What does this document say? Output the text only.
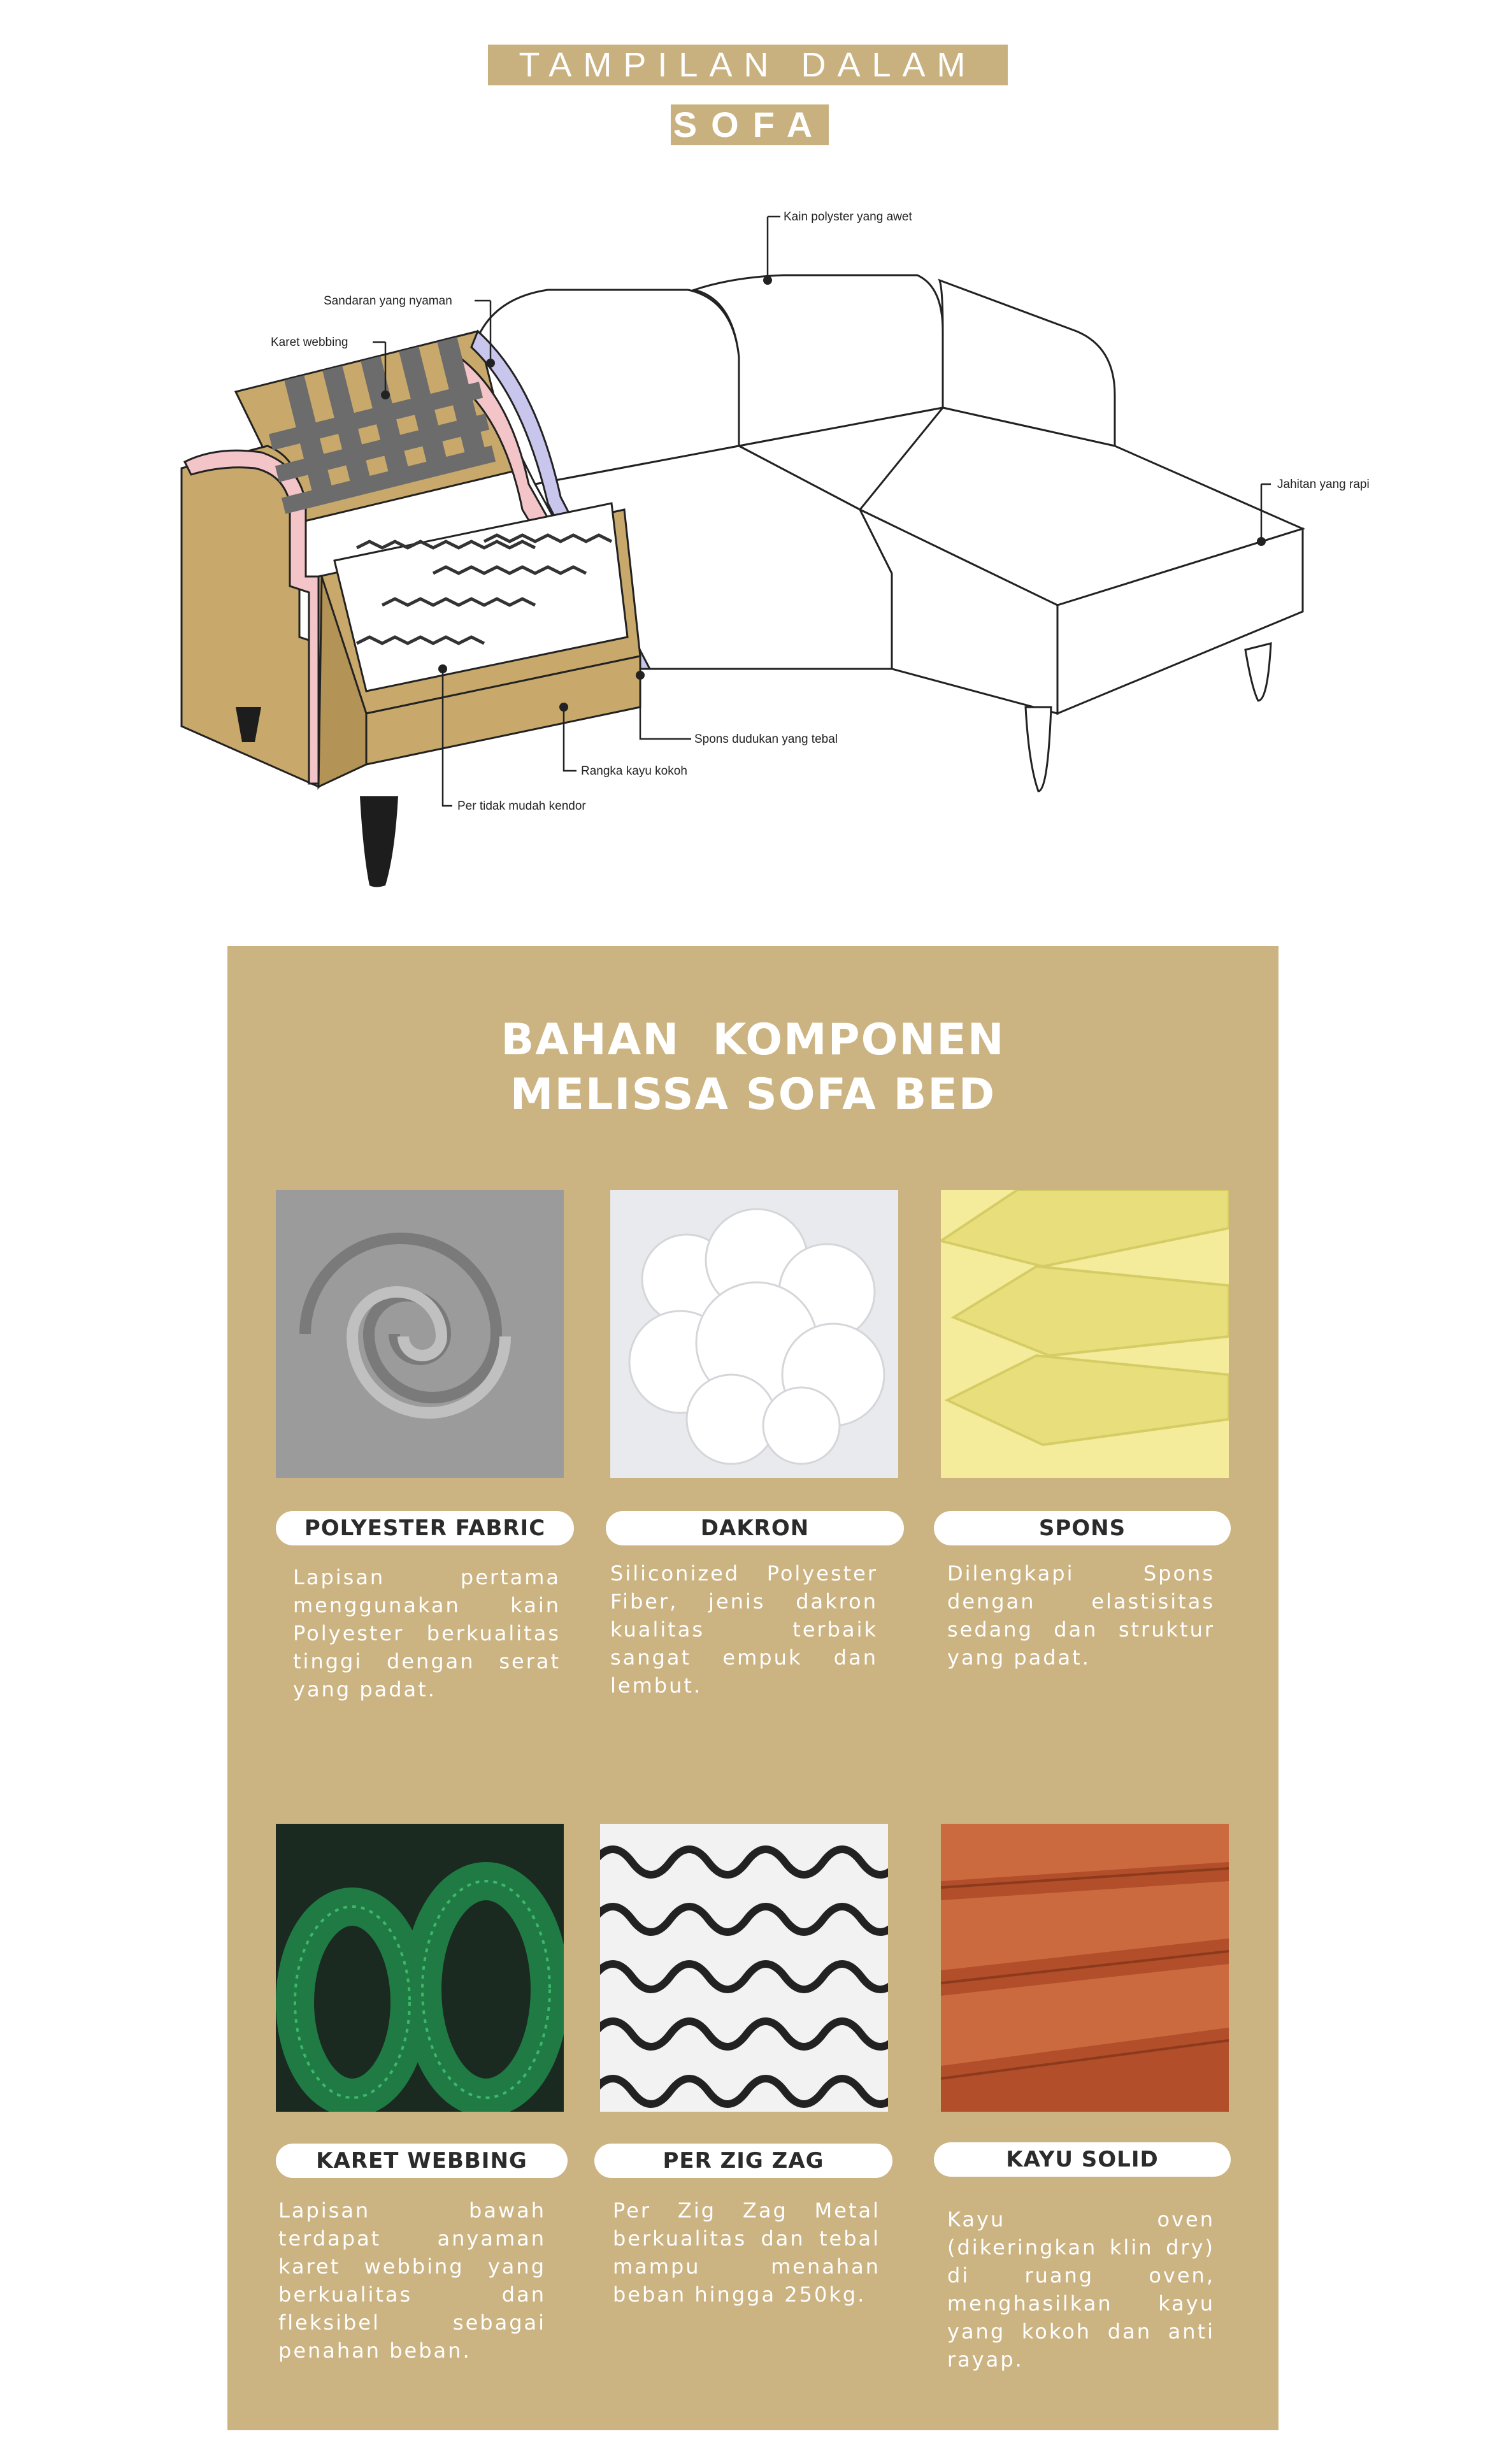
TAMPILAN DALAM
SOFA
Kain polyster yang awet
Sandaran yang nyaman
Karet webbing
Jahitan yang rapi
Spons dudukan yang tebal
Rangka kayu kokoh
Per tidak mudah kendor
BAHAN  KOMPONEN
MELISSA SOFA BED
POLYESTER FABRIC
Lapisan pertama menggunakan kain Polyester berkualitas tinggi dengan serat yang padat.
DAKRON
Siliconized Polyester Fiber, jenis dakron kualitas terbaik sangat empuk dan lembut.
SPONS
Dilengkapi Spons dengan elastisitas sedang dan struktur yang padat.
KARET WEBBING
Lapisan bawah terdapat anyaman karet webbing yang berkualitas dan fleksibel sebagai penahan beban.
PER ZIG ZAG
Per Zig Zag Metal berkualitas dan tebal mampu menahan beban hingga 250kg.
KAYU SOLID
Kayu oven (dikeringkan klin dry) di ruang oven, menghasilkan kayu yang kokoh dan anti rayap.
